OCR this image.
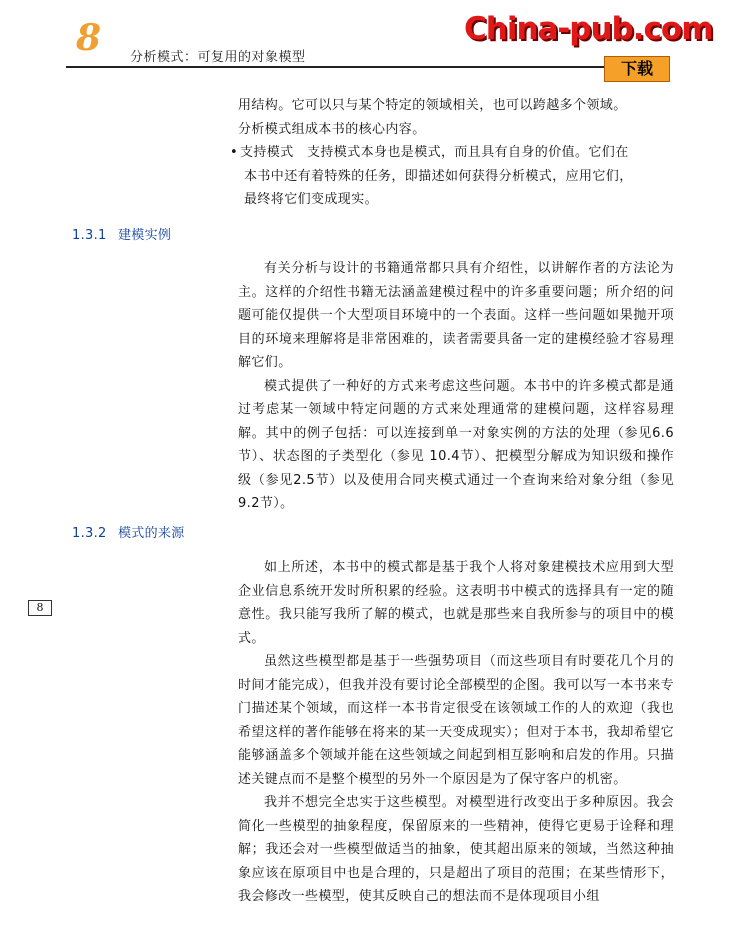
8 分析模式：可复用的对象模型
China-pub.com
下载

用结构。它可以只与某个特定的领域相关，也可以跨越多个领域。

分析模式组成本书的核心内容。

• 支持模式　支持模式本身也是模式，而且具有自身的价值。它们在

本书中还有着特殊的任务，即描述如何获得分析模式，应用它们，

最终将它们变成现实。

1.3.1 建模实例

有关分析与设计的书籍通常都只具有介绍性，以讲解作者的方法论为主。这样的介绍性书籍无法涵盖建模过程中的许多重要问题；所介绍的问题可能仅提供一个大型项目环境中的一个表面。这样一些问题如果抛开项目的环境来理解将是非常困难的，读者需要具备一定的建模经验才容易理解它们。

模式提供了一种好的方式来考虑这些问题。本书中的许多模式都是通过考虑某一领域中特定问题的方式来处理通常的建模问题，这样容易理解。其中的例子包括：可以连接到单一对象实例的方法的处理（参见6.6节）、状态图的子类型化（参见 10.4节）、把模型分解成为知识级和操作级（参见2.5节）以及使用合同夹模式通过一个查询来给对象分组（参见9.2节）。

1.3.2 模式的来源

如上所述，本书中的模式都是基于我个人将对象建模技术应用到大型企业信息系统开发时所积累的经验。这表明书中模式的选择具有一定的随意性。我只能写我所了解的模式，也就是那些来自我所参与的项目中的模式。

虽然这些模型都是基于一些强势项目（而这些项目有时要花几个月的时间才能完成），但我并没有要讨论全部模型的企图。我可以写一本书来专门描述某个领域，而这样一本书肯定很受在该领域工作的人的欢迎（我也希望这样的著作能够在将来的某一天变成现实）；但对于本书，我却希望它能够涵盖多个领域并能在这些领域之间起到相互影响和启发的作用。只描述关键点而不是整个模型的另外一个原因是为了保守客户的机密。

我并不想完全忠实于这些模型。对模型进行改变出于多种原因。我会简化一些模型的抽象程度，保留原来的一些精神，使得它更易于诠释和理解；我还会对一些模型做适当的抽象，使其超出原来的领域，当然这种抽象应该在原项目中也是合理的，只是超出了项目的范围；在某些情形下，我会修改一些模型，使其反映自己的想法而不是体现项目小组

8
